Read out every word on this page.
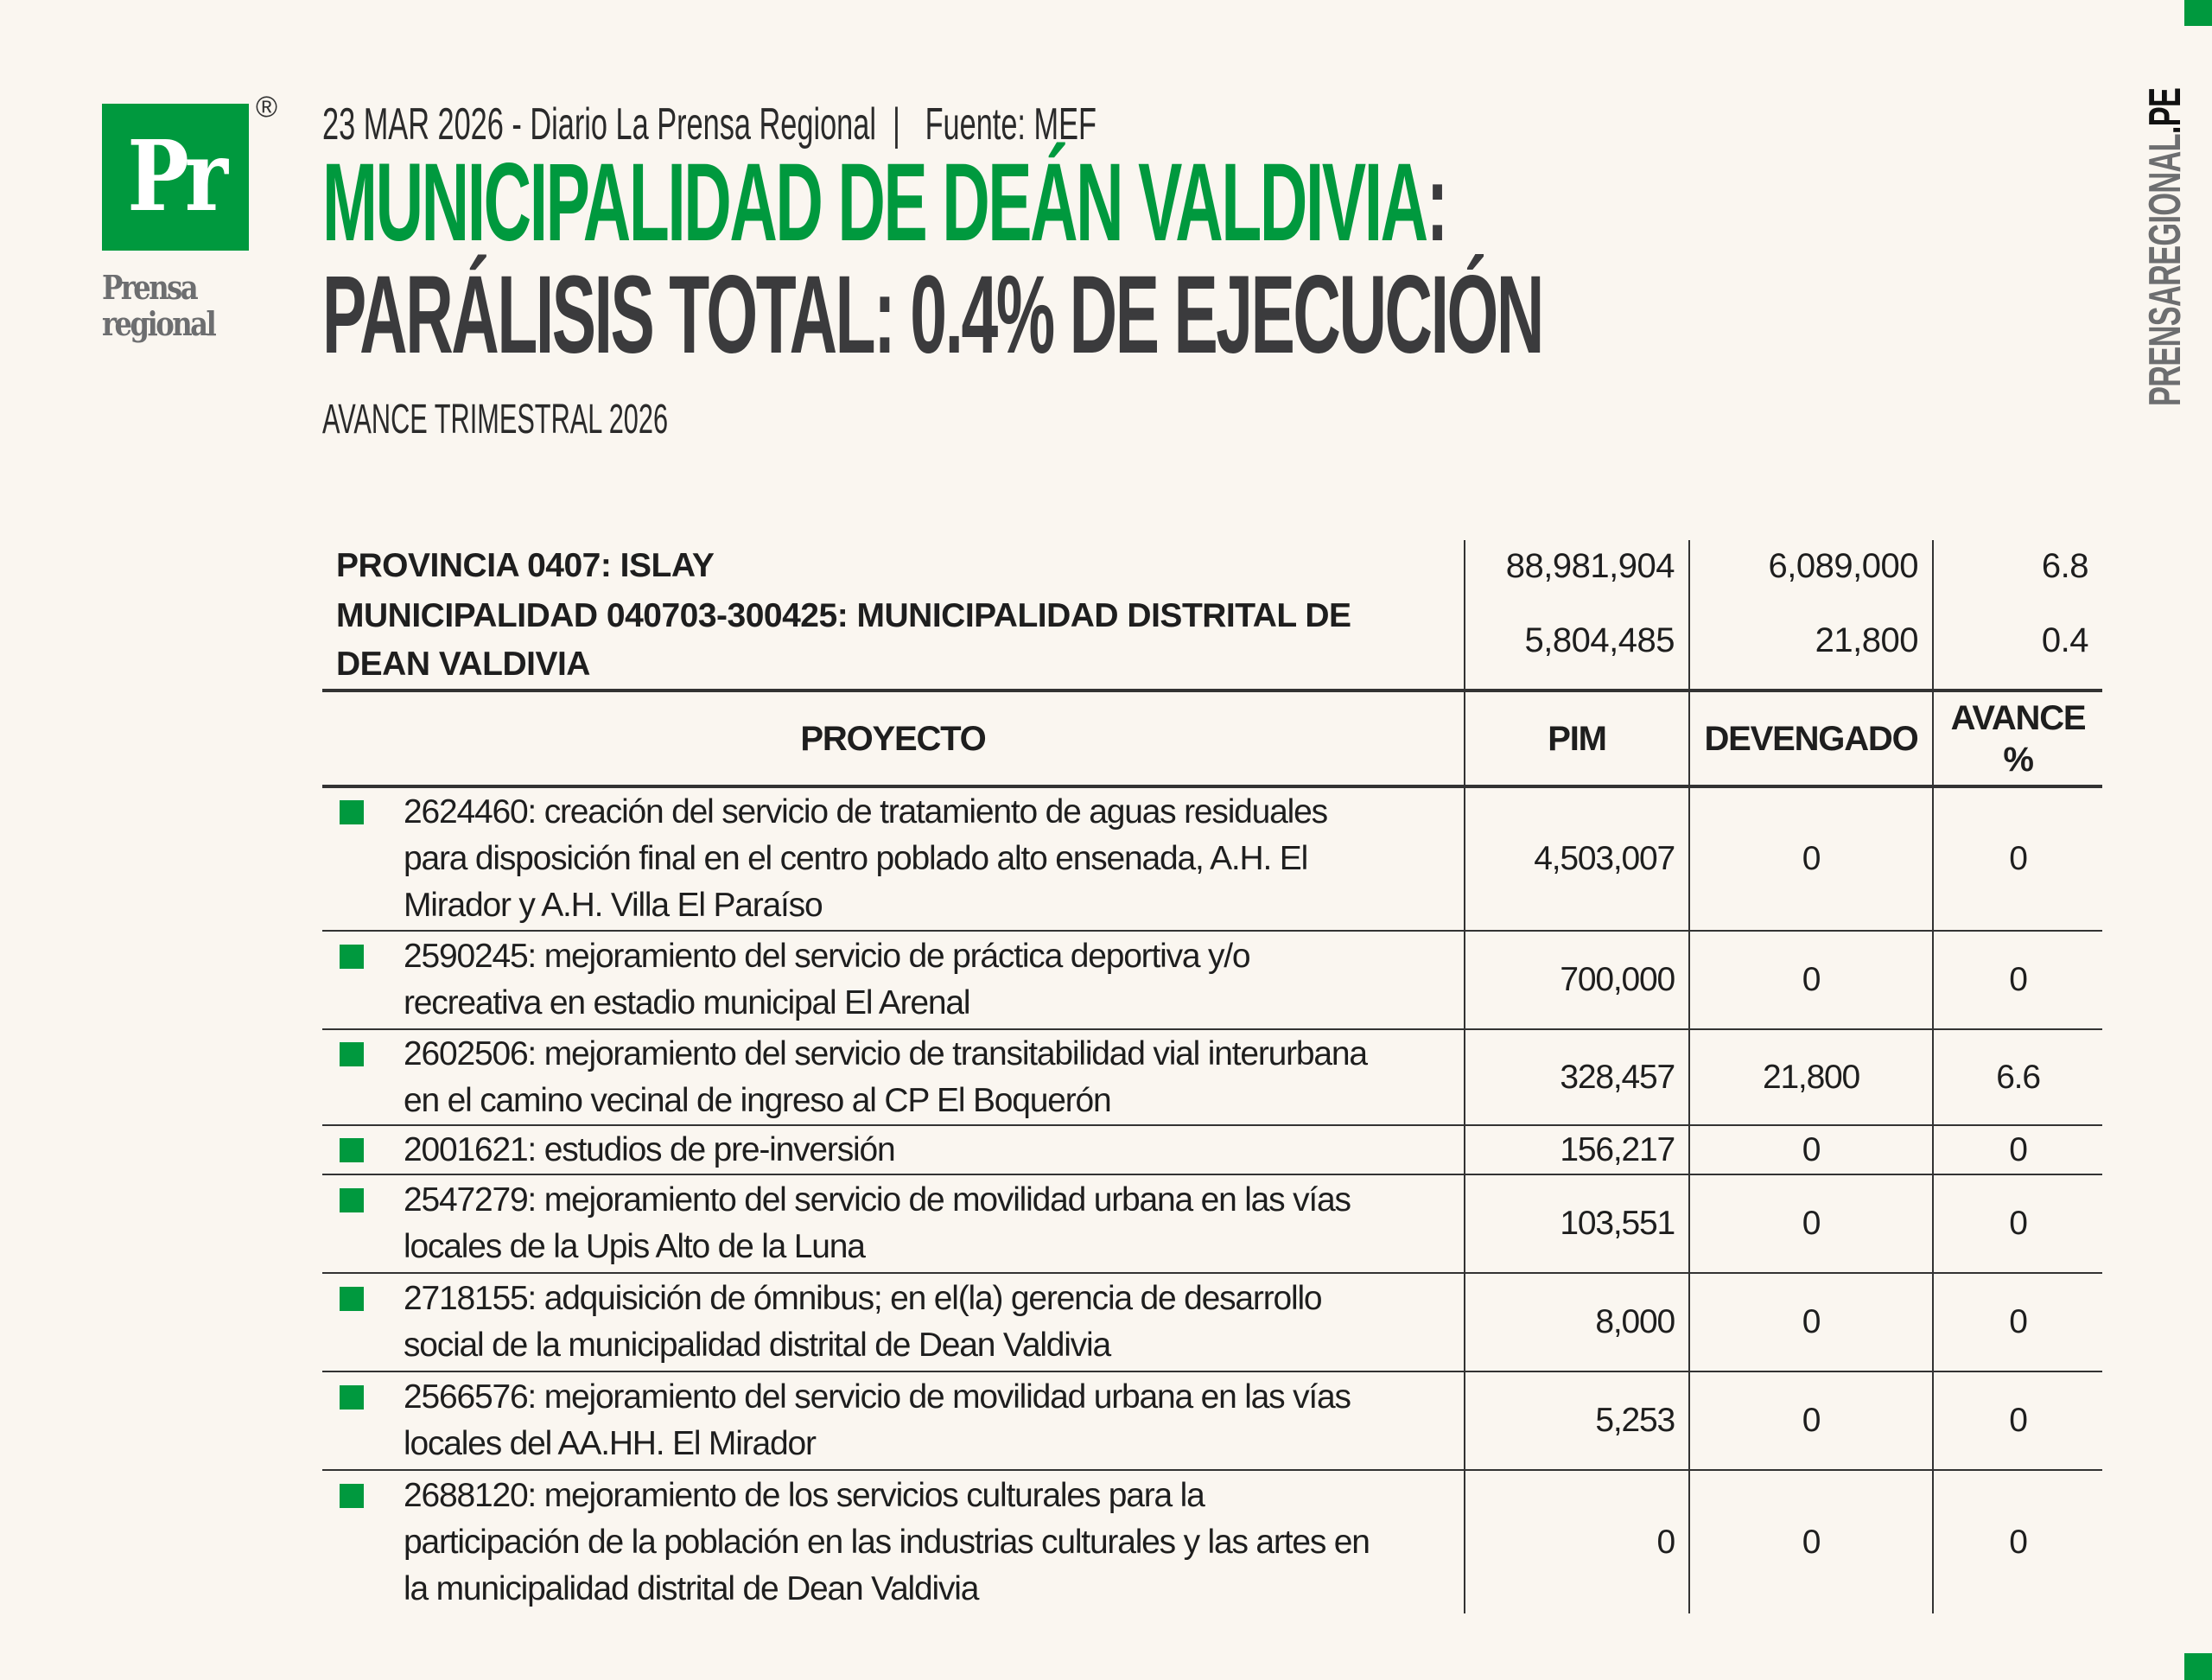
Pr
®
Prensa
regional
23 MAR 2026 - Diario La Prensa Regional  |   Fuente: MEF
MUNICIPALIDAD DE DEÁN VALDIVIA:
PARÁLISIS TOTAL: 0.4% DE EJECUCIÓN
AVANCE TRIMESTRAL 2026
PRENSAREGIONAL.PE
PROVINCIA 0407: ISLAY	88,981,904	6,089,000	6.8
MUNICIPALIDAD 040703-300425: MUNICIPALIDAD DISTRITAL DE DEAN VALDIVIA	5,804,485	21,800	0.4
PROYECTO	PIM	DEVENGADO	AVANCE %

2624460: creación del servicio de tratamiento de aguas residuales
para disposición final en el centro poblado alto ensenada, A.H. El
Mirador y A.H. Villa El Paraíso	4,503,007	0	0

2590245: mejoramiento del servicio de práctica deportiva y/o
recreativa en estadio municipal El Arenal	700,000	0	0

2602506: mejoramiento del servicio de transitabilidad vial interurbana
en el camino vecinal de ingreso al CP El Boquerón	328,457	21,800	6.6

2001621: estudios de pre-inversión	156,217	0	0

2547279: mejoramiento del servicio de movilidad urbana en las vías
locales de la Upis Alto de la Luna	103,551	0	0

2718155: adquisición de ómnibus; en el(la) gerencia de desarrollo
social de la municipalidad distrital de Dean Valdivia	8,000	0	0

2566576: mejoramiento del servicio de movilidad urbana en las vías
locales del AA.HH. El Mirador	5,253	0	0

2688120: mejoramiento de los servicios culturales para la
participación de la población en las industrias culturales y las artes en
la municipalidad distrital de Dean Valdivia	0	0	0
